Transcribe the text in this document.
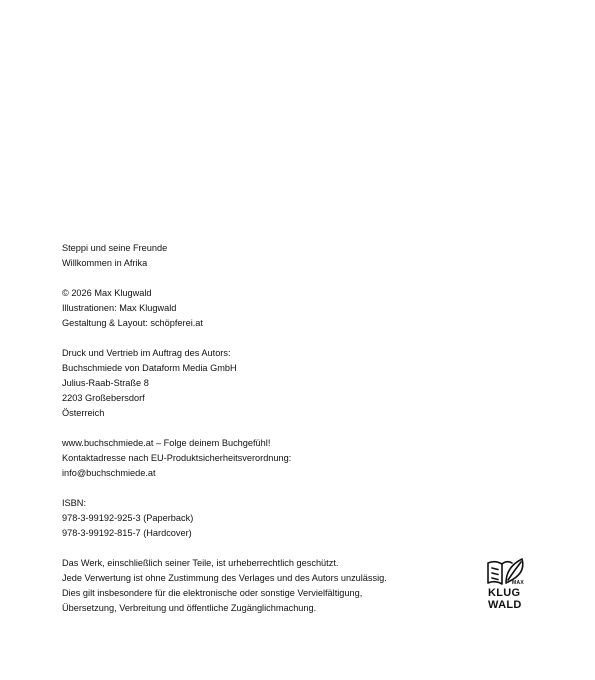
Steppi und seine Freunde
Willkommen in Afrika
© 2026 Max Klugwald
Illustrationen: Max Klugwald
Gestaltung & Layout: schöpferei.at
Druck und Vertrieb im Auftrag des Autors:
Buchschmiede von Dataform Media GmbH
Julius-Raab-Straße 8
2203 Großebersdorf
Österreich
www.buchschmiede.at – Folge deinem Buchgefühl!
Kontaktadresse nach EU-Produktsicherheitsverordnung:
info@buchschmiede.at
ISBN:
978-3-99192-925-3 (Paperback)
978-3-99192-815-7 (Hardcover)
Das Werk, einschließlich seiner Teile, ist urheberrechtlich geschützt.
Jede Verwertung ist ohne Zustimmung des Verlages und des Autors unzulässig.
Dies gilt insbesondere für die elektronische oder sonstige Vervielfältigung,
Übersetzung, Verbreitung und öffentliche Zugänglichmachung.
MAX
KLUG
WALD
